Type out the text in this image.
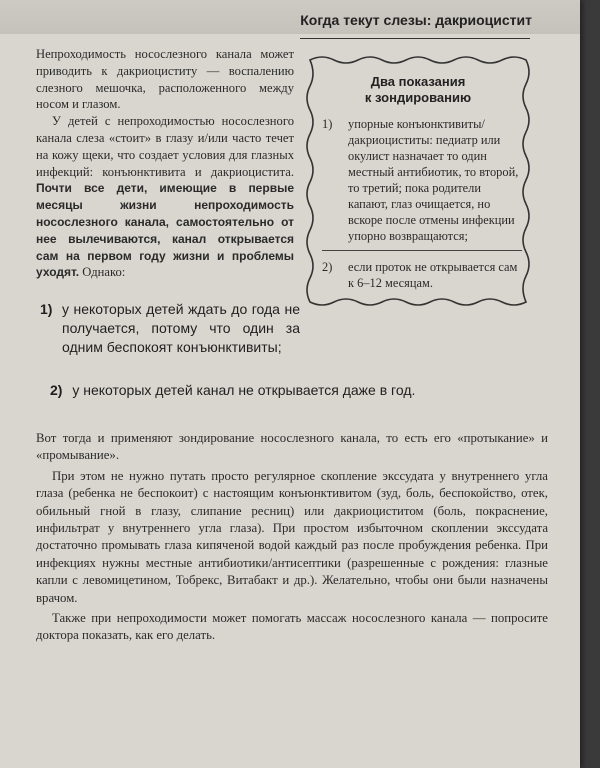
Когда текут слезы: дакриоцистит

Непроходимость носослезного канала может приводить к дакриоциститу — воспалению слезного мешочка, расположенного между носом и глазом.

У детей с непроходимостью носослезного канала слеза «стоит» в глазу и/или часто течет на кожу щеки, что создает условия для глазных инфекций: конъюнктивита и дакриоцистита. Почти все дети, имеющие в первые месяцы жизни непроходимость носослезного канала, самостоятельно от нее вылечиваются, канал открывается сам на первом году жизни и проблемы уходят. Однако:

Два показания
к зондированию
1) упорные конъюнктивиты/дакриоциститы: педиатр или окулист назначает то один местный антибиотик, то второй, то третий; пока родители капают, глаз очищается, но вскоре после отмены инфекции упорно возвращаются;
2) если проток не открывается сам к 6–12 месяцам.
1) у некоторых детей ждать до года не получается, потому что один за одним беспокоят конъюнктивиты;
2) у некоторых детей канал не открывается даже в год.

Вот тогда и применяют зондирование носослезного канала, то есть его «протыкание» и «промывание».

При этом не нужно путать просто регулярное скопление экссудата у внутреннего угла глаза (ребенка не беспокоит) с настоящим конъюнктивитом (зуд, боль, беспокойство, отек, обильный гной в глазу, слипание ресниц) или дакриоциститом (боль, покраснение, инфильтрат у внутреннего угла глаза). При простом избыточном скоплении экссудата достаточно промывать глаза кипяченой водой каждый раз после пробуждения ребенка. При инфекциях нужны местные антибиотики/антисептики (разрешенные с рождения: глазные капли с левомицетином, Тобрекс, Витабакт и др.). Желательно, чтобы они были назначены врачом.

Также при непроходимости может помогать массаж носослезного канала — попросите доктора показать, как его делать.
